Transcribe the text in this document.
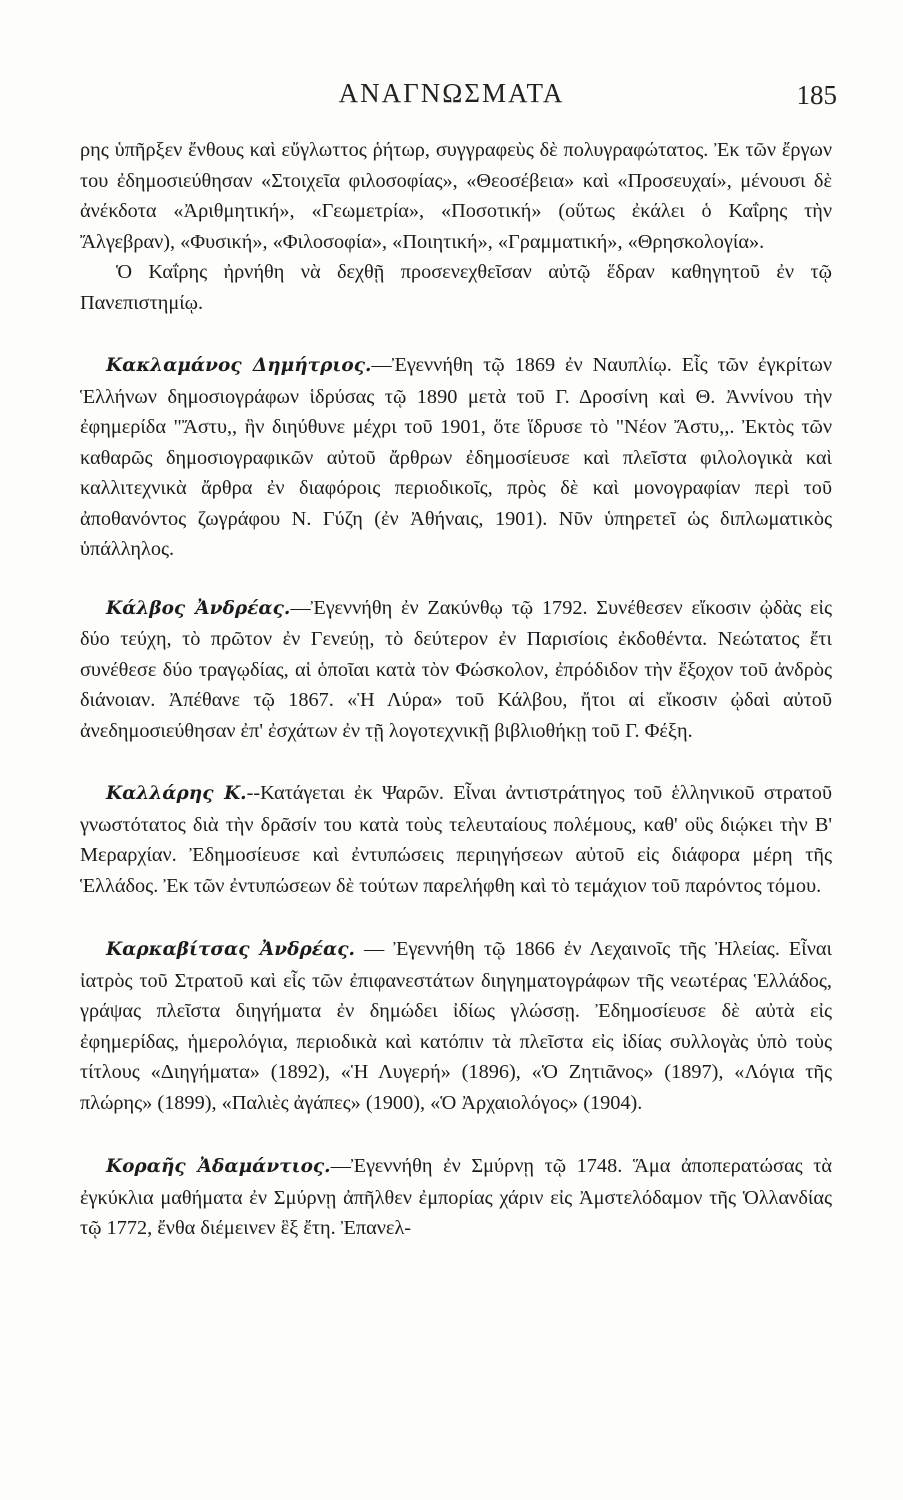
ΑΝΑΓΝΩΣΜΑΤΑ	185

ρης ὑπῆρξεν ἔνθους καὶ εὔγλωττος ῥήτωρ, συγγραφεὺς δὲ πολυγραφώτατος. Ἐκ τῶν ἔργων του ἐδημοσιεύθησαν «Στοιχεῖα φιλοσοφίας», «Θεοσέβεια» καὶ «Προσευχαί», μένουσι δὲ ἀνέκδοτα «Ἀριθμητική», «Γεωμετρία», «Ποσοτική» (οὕτως ἐκάλει ὁ Καΐρης τὴν Ἄλγεβραν), «Φυσική», «Φιλοσοφία», «Ποιητική», «Γραμματική», «Θρησκολογία».

Ὁ Καΐρης ἠρνήθη νὰ δεχθῇ προσενεχθεῖσαν αὐτῷ ἕδραν καθηγητοῦ ἐν τῷ Πανεπιστημίῳ.

Κακλαμάνος Δημήτριος.—Ἐγεννήθη τῷ 1869 ἐν Ναυπλίῳ. Εἷς τῶν ἐγκρίτων Ἑλλήνων δημοσιογράφων ἱδρύσας τῷ 1890 μετὰ τοῦ Γ. Δροσίνη καὶ Θ. Ἀννίνου τὴν ἐφημερίδα "Ἄστυ,, ἣν διηύθυνε μέχρι τοῦ 1901, ὅτε ἵδρυσε τὸ "Νέον Ἄστυ,,. Ἐκτὸς τῶν καθαρῶς δημοσιογραφικῶν αὐτοῦ ἄρθρων ἐδημοσίευσε καὶ πλεῖστα φιλολογικὰ καὶ καλλιτεχνικὰ ἄρθρα ἐν διαφόροις περιοδικοῖς, πρὸς δὲ καὶ μονογραφίαν περὶ τοῦ ἀποθανόντος ζωγράφου Ν. Γύζη (ἐν Ἀθήναις, 1901). Νῦν ὑπηρετεῖ ὡς διπλωματικὸς ὑπάλληλος.

Κάλβος Ἀνδρέας.—Ἐγεννήθη ἐν Ζακύνθῳ τῷ 1792. Συνέθεσεν εἴκοσιν ᾠδὰς εἰς δύο τεύχη, τὸ πρῶτον ἐν Γενεύῃ, τὸ δεύτερον ἐν Παρισίοις ἐκδοθέντα. Νεώτατος ἔτι συνέθεσε δύο τραγῳδίας, αἱ ὁποῖαι κατὰ τὸν Φώσκολον, ἐπρόδιδον τὴν ἔξοχον τοῦ ἀνδρὸς διάνοιαν. Ἀπέθανε τῷ 1867. «Ἡ Λύρα» τοῦ Κάλβου, ἤτοι αἱ εἴκοσιν ᾠδαὶ αὐτοῦ ἀνεδημοσιεύθησαν ἐπ' ἐσχάτων ἐν τῇ λογοτεχνικῇ βιβλιοθήκῃ τοῦ Γ. Φέξη.

Καλλάρης Κ.--Κατάγεται ἐκ Ψαρῶν. Εἶναι ἀντιστράτηγος τοῦ ἑλληνικοῦ στρατοῦ γνωστότατος διὰ τὴν δρᾶσίν του κατὰ τοὺς τελευταίους πολέμους, καθ' οὓς διῴκει τὴν Β' Μεραρχίαν. Ἐδημοσίευσε καὶ ἐντυπώσεις περιηγήσεων αὐτοῦ εἰς διάφορα μέρη τῆς Ἑλλάδος. Ἐκ τῶν ἐντυπώσεων δὲ τούτων παρελήφθη καὶ τὸ τεμάχιον τοῦ παρόντος τόμου.

Καρκαβίτσας Ἀνδρέας. — Ἐγεννήθη τῷ 1866 ἐν Λεχαινοῖς τῆς Ἠλείας. Εἶναι ἰατρὸς τοῦ Στρατοῦ καὶ εἷς τῶν ἐπιφανεστάτων διηγηματογράφων τῆς νεωτέρας Ἑλλάδος, γράψας πλεῖστα διηγήματα ἐν δημώδει ἰδίως γλώσσῃ. Ἐδημοσίευσε δὲ αὐτὰ εἰς ἐφημερίδας, ἡμερολόγια, περιοδικὰ καὶ κατόπιν τὰ πλεῖστα εἰς ἰδίας συλλογὰς ὑπὸ τοὺς τίτλους «Διηγήματα» (1892), «Ἡ Λυγερή» (1896), «Ὁ Ζητιᾶνος» (1897), «Λόγια τῆς πλώρης» (1899), «Παλιὲς ἀγάπες» (1900), «Ὁ Ἀρχαιολόγος» (1904).

Κοραῆς Ἀδαμάντιος.—Ἐγεννήθη ἐν Σμύρνῃ τῷ 1748. Ἅμα ἀποπερατώσας τὰ ἐγκύκλια μαθήματα ἐν Σμύρνῃ ἀπῆλθεν ἐμπορίας χάριν εἰς Ἀμστελόδαμον τῆς Ὁλλανδίας τῷ 1772, ἔνθα διέμεινεν ἓξ ἔτη. Ἐπανελ-
